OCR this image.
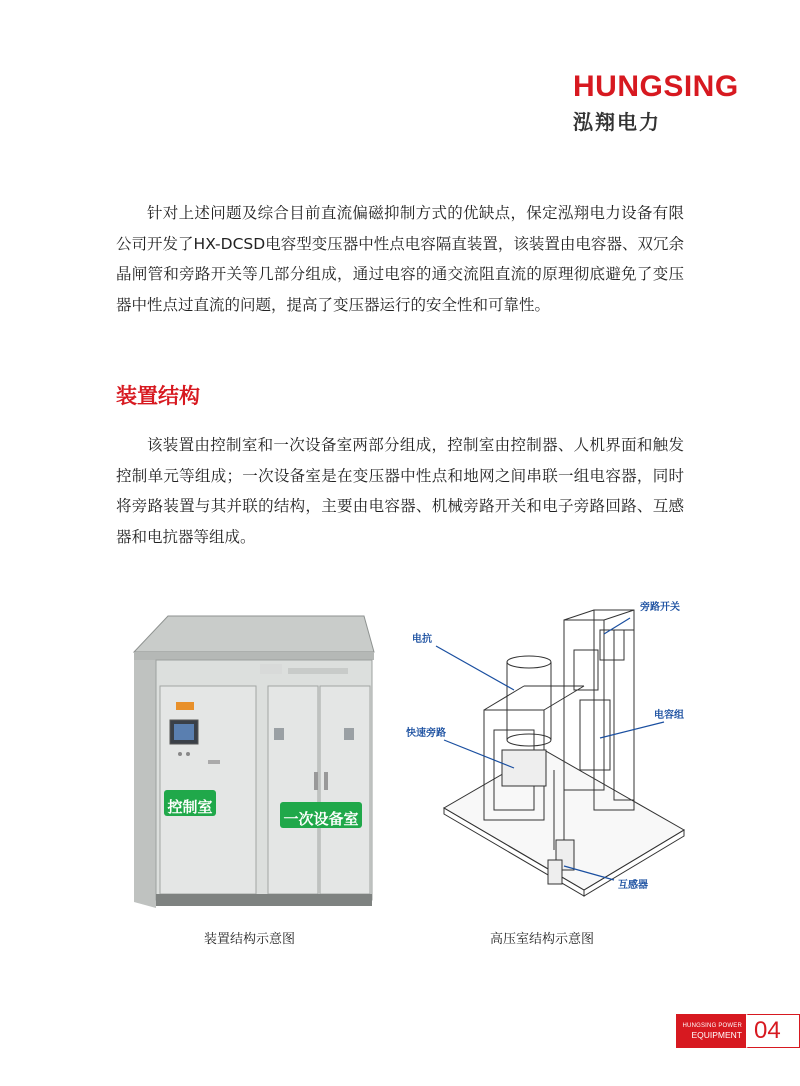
HUNGSING
泓翔电力
针对上述问题及综合目前直流偏磁抑制方式的优缺点，保定泓翔电力设备有限公司开发了HX-DCSD电容型变压器中性点电容隔直装置，该装置由电容器、双冗余晶闸管和旁路开关等几部分组成，通过电容的通交流阻直流的原理彻底避免了变压器中性点过直流的问题，提高了变压器运行的安全性和可靠性。
装置结构
该装置由控制室和一次设备室两部分组成，控制室由控制器、人机界面和触发控制单元等组成；一次设备室是在变压器中性点和地网之间串联一组电容器，同时将旁路装置与其并联的结构，主要由电容器、机械旁路开关和电子旁路回路、互感器和电抗器等组成。
控制室
一次设备室
旁路开关
电抗
电容组
快速旁路
互感器
装置结构示意图	高压室结构示意图
HUNGSING POWER
EQUIPMENT 04
